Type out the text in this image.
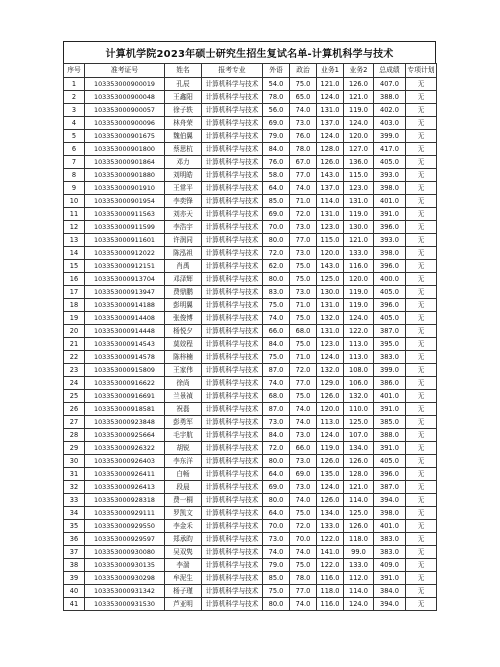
计算机学院2023年硕士研究生招生复试名单-计算机科学与技术
序号	准考证号	姓名	报考专业	外语	政治	业务1	业务2	总成绩	专项计划
1	103353000900019	孔辰	计算机科学与技术	54.0	75.0	121.0	126.0	407.0	无
2	103353000900048	王鑫阳	计算机科学与技术	78.0	65.0	124.0	121.0	388.0	无
3	103353000900057	徐子轶	计算机科学与技术	56.0	74.0	131.0	119.0	402.0	无
4	103353000900096	林舟荣	计算机科学与技术	69.0	73.0	137.0	124.0	403.0	无
5	103353000901675	魏伯翼	计算机科学与技术	79.0	76.0	124.0	120.0	399.0	无
6	103353000901800	蔡思杭	计算机科学与技术	84.0	78.0	128.0	127.0	417.0	无
7	103353000901864	邓力	计算机科学与技术	76.0	67.0	126.0	136.0	405.0	无
8	103353000901880	刘明皓	计算机科学与技术	58.0	77.0	143.0	115.0	393.0	无
9	103353000901910	王常平	计算机科学与技术	64.0	74.0	137.0	123.0	398.0	无
10	103353000901954	李奕锋	计算机科学与技术	85.0	71.0	114.0	131.0	401.0	无
11	103353000911563	刘亦天	计算机科学与技术	69.0	72.0	131.0	119.0	391.0	无
12	103353000911599	李浩宇	计算机科学与技术	70.0	73.0	123.0	130.0	396.0	无
13	103353000911601	许润同	计算机科学与技术	80.0	77.0	115.0	121.0	393.0	无
14	103353000912022	陈泓祖	计算机科学与技术	72.0	73.0	120.0	133.0	398.0	无
15	103353000912151	肖禹	计算机科学与技术	62.0	75.0	143.0	116.0	396.0	无
16	103353000913704	邓泽辉	计算机科学与技术	80.0	75.0	125.0	120.0	400.0	无
17	103353000913947	费鼎鹏	计算机科学与技术	83.0	73.0	130.0	119.0	405.0	无
18	103353000914188	彭明翼	计算机科学与技术	75.0	71.0	131.0	119.0	396.0	无
19	103353000914408	张俊博	计算机科学与技术	74.0	75.0	132.0	124.0	405.0	无
20	103353000914448	杨悦夕	计算机科学与技术	66.0	68.0	131.0	122.0	387.0	无
21	103353000914543	莫姣程	计算机科学与技术	84.0	75.0	123.0	113.0	395.0	无
22	103353000914578	陈梓楠	计算机科学与技术	75.0	71.0	124.0	113.0	383.0	无
23	103353000915809	王家伟	计算机科学与技术	87.0	72.0	132.0	108.0	399.0	无
24	103353000916622	徐尚	计算机科学与技术	74.0	77.0	129.0	106.0	386.0	无
25	103353000916691	兰景禎	计算机科学与技术	68.0	75.0	126.0	132.0	401.0	无
26	103353000918581	祝磊	计算机科学与技术	87.0	74.0	120.0	110.0	391.0	无
27	103353000923848	彭勇军	计算机科学与技术	73.0	74.0	113.0	125.0	385.0	无
28	103353000925664	毛宇航	计算机科学与技术	84.0	73.0	124.0	107.0	388.0	无
29	103353000926322	胡锐	计算机科学与技术	72.0	66.0	119.0	134.0	391.0	无
30	103353000926403	李东洋	计算机科学与技术	80.0	73.0	126.0	126.0	405.0	无
31	103353000926411	白畅	计算机科学与技术	64.0	69.0	135.0	128.0	396.0	无
32	103353000926413	段晨	计算机科学与技术	69.0	73.0	124.0	121.0	387.0	无
33	103353000928318	费一桐	计算机科学与技术	80.0	74.0	126.0	114.0	394.0	无
34	103353000929111	罗凯文	计算机科学与技术	64.0	75.0	134.0	125.0	398.0	无
35	103353000929550	李金禾	计算机科学与技术	70.0	72.0	133.0	126.0	401.0	无
36	103353000929597	郑承昀	计算机科学与技术	73.0	70.0	122.0	118.0	383.0	无
37	103353000930080	吴双隽	计算机科学与技术	74.0	74.0	141.0	99.0	383.0	无
38	103353000930135	李湍	计算机科学与技术	79.0	75.0	122.0	133.0	409.0	无
39	103353000930298	牟泥生	计算机科学与技术	85.0	78.0	116.0	112.0	391.0	无
40	103353000931342	杨子瑾	计算机科学与技术	75.0	77.0	118.0	114.0	384.0	无
41	103353000931530	芦亚明	计算机科学与技术	80.0	74.0	116.0	124.0	394.0	无
